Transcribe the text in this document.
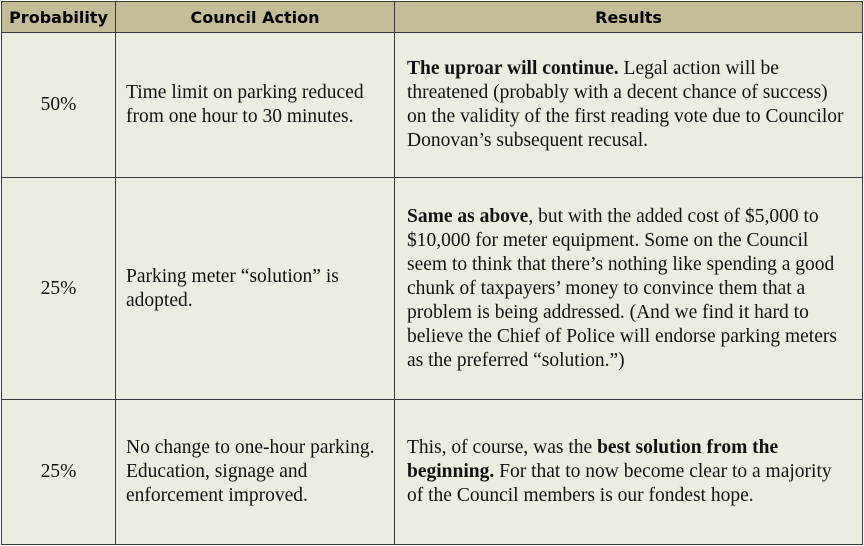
Probability	Council Action	Results
50%	Time limit on parking reduced from one hour to 30 minutes.	The uproar will continue. Legal action will be threatened (probably with a decent chance of success) on the validity of the first reading vote due to Councilor Donovan’s subsequent recusal.
25%	Parking meter “solution” is adopted.	Same as above, but with the added cost of $5,000 to $10,000 for meter equipment. Some on the Council seem to think that there’s nothing like spending a good chunk of taxpayers’ money to convince them that a problem is being addressed. (And we find it hard to believe the Chief of Police will endorse parking meters as the preferred “solution.”)
25%	No change to one-hour parking. Education, signage and enforcement improved.	This, of course, was the best solution from the beginning. For that to now become clear to a majority of the Council members is our fondest hope.
